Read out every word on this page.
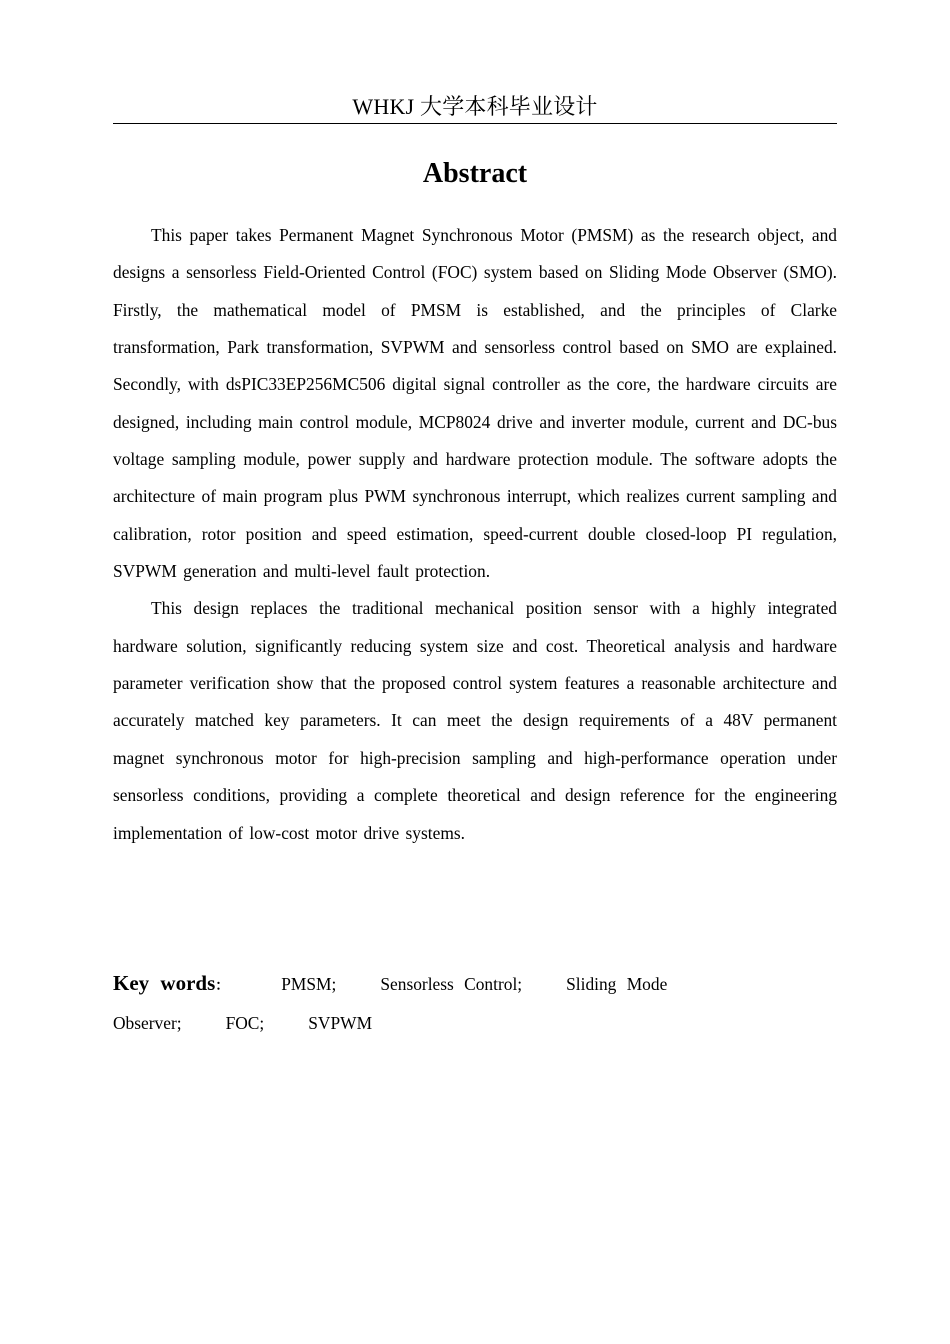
WHKJ 大学本科毕业设计
Abstract

This paper takes Permanent Magnet Synchronous Motor (PMSM) as the research object, and designs a sensorless Field-Oriented Control (FOC) system based on Sliding Mode Observer (SMO). Firstly, the mathematical model of PMSM is established, and the principles of Clarke transformation, Park transformation, SVPWM and sensorless control based on SMO are explained. Secondly, with dsPIC33EP256MC506 digital signal controller as the core, the hardware circuits are designed, including main control module, MCP8024 drive and inverter module, current and DC-bus voltage sampling module, power supply and hardware protection module. The software adopts the architecture of main program plus PWM synchronous interrupt, which realizes current sampling and calibration, rotor position and speed estimation, speed-current double closed-loop PI regulation, SVPWM generation and multi-level fault protection.

This design replaces the traditional mechanical position sensor with a highly integrated hardware solution, significantly reducing system size and cost. Theoretical analysis and hardware parameter verification show that the proposed control system features a reasonable architecture and accurately matched key parameters. It can meet the design requirements of a 48V permanent magnet synchronous motor for high-precision sampling and high-performance operation under sensorless conditions, providing a complete theoretical and design reference for the engineering implementation of low-cost motor drive systems.

Key words：	PMSM;	Sensorless Control;	Sliding Mode Observer;	FOC;	SVPWM
